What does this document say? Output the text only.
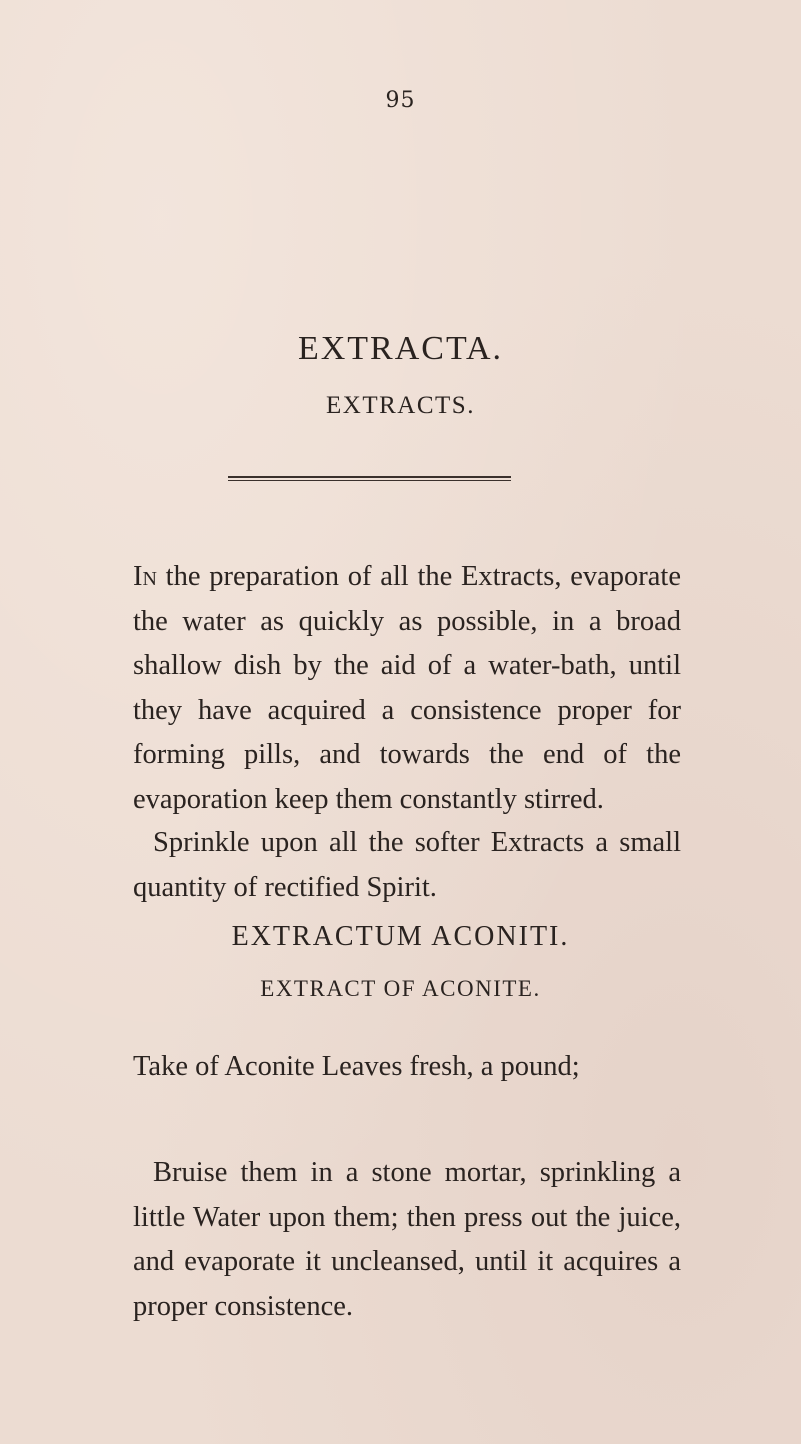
95
EXTRACTA.
EXTRACTS.

In the preparation of all the Extracts, evaporate the water as quickly as possible, in a broad shallow dish by the aid of a water-bath, until they have acquired a consistence proper for forming pills, and towards the end of the evaporation keep them constantly stirred.

Sprinkle upon all the softer Extracts a small quantity of rectified Spirit.

EXTRACTUM ACONITI.
EXTRACT OF ACONITE.

Take of Aconite Leaves fresh, a pound;

Bruise them in a stone mortar, sprinkling a little Water upon them; then press out the juice, and evaporate it uncleansed, until it acquires a proper consistence.
